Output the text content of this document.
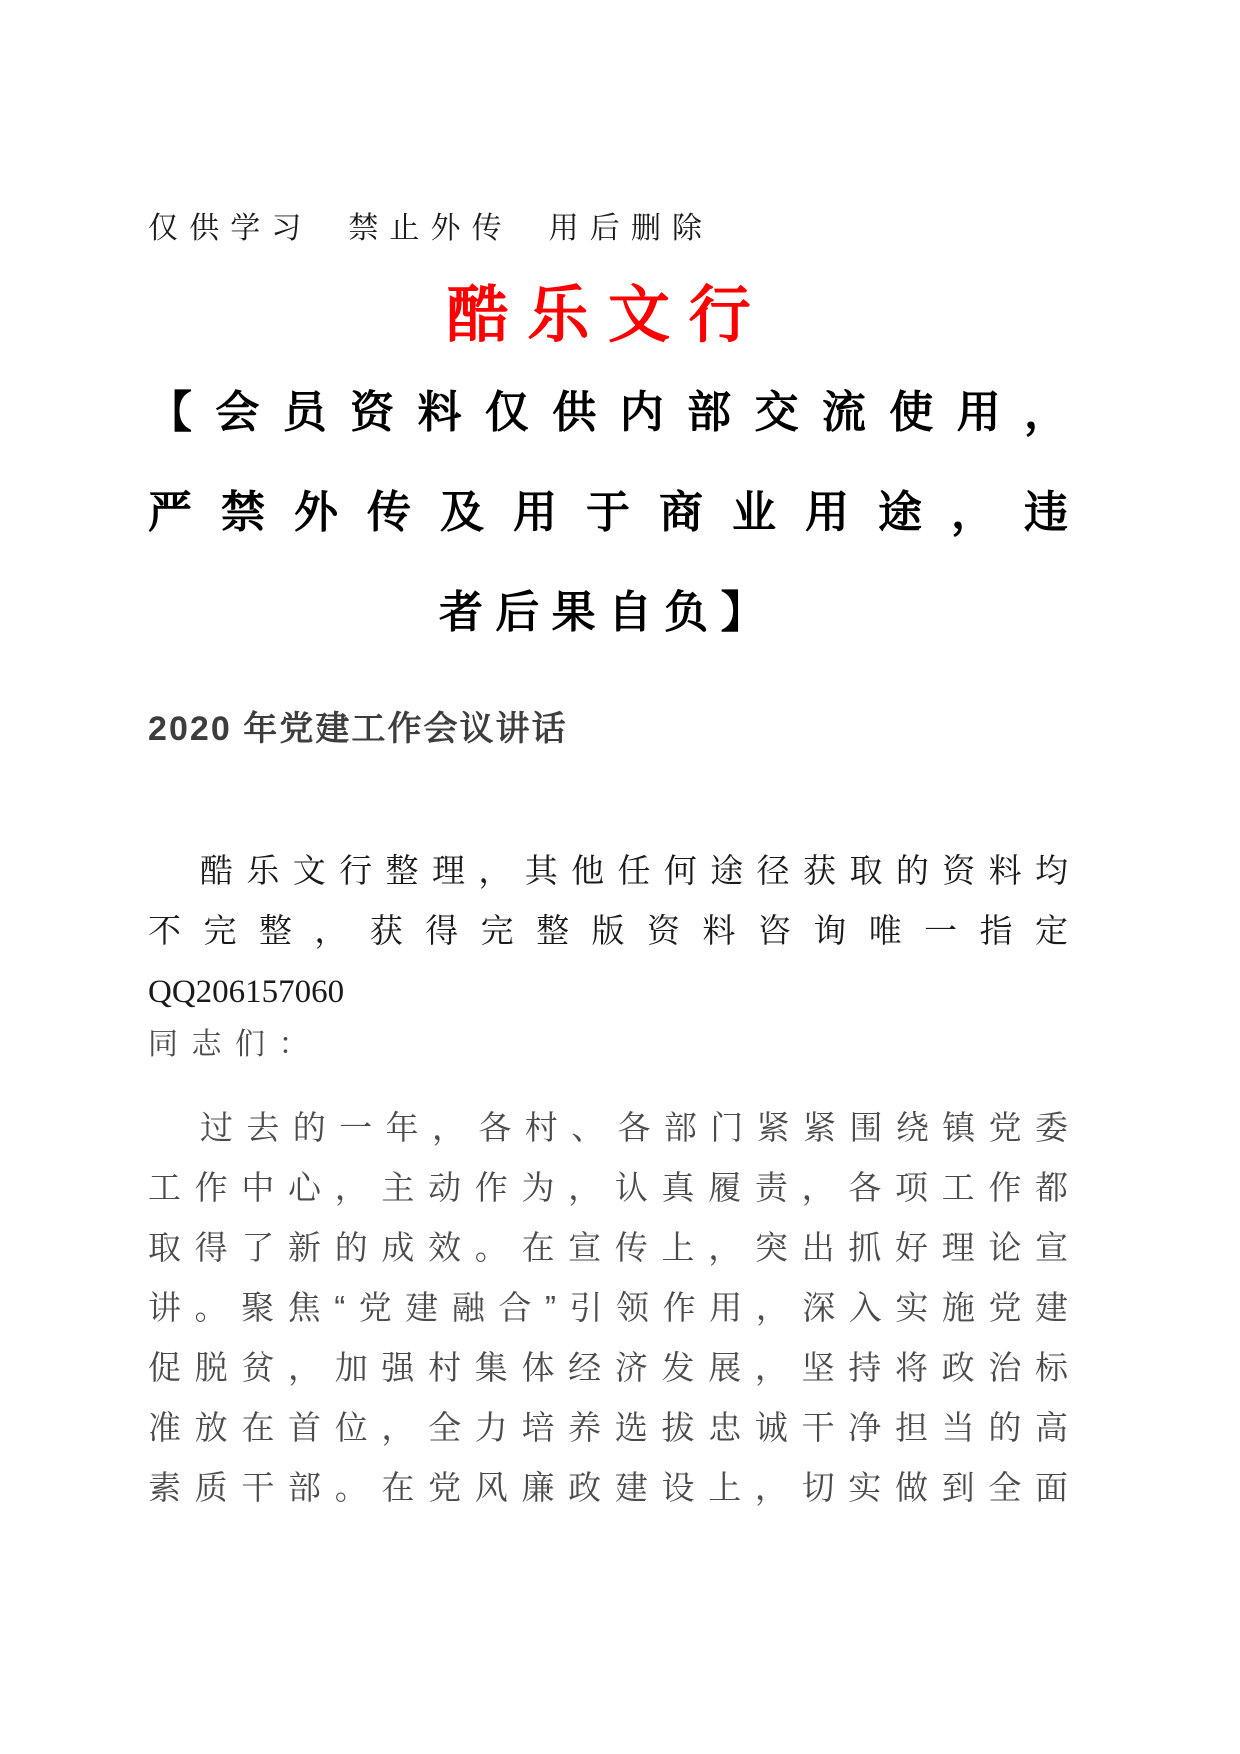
仅供学习 禁止外传 用后删除
酷乐文行
【会员资料仅供内部交流使用，
严禁外传及用于商业用途，违
者后果自负】
2020 年党建工作会议讲话
酷乐文行整理，其他任何途径获取的资料均
不完整，获得完整版资料咨询唯一指定
QQ206157060
同志们：
过去的一年，各村、各部门紧紧围绕镇党委
工作中心，主动作为，认真履责，各项工作都
取得了新的成效。在宣传上，突出抓好理论宣
讲。聚焦“党建融合”引领作用，深入实施党建
促脱贫，加强村集体经济发展，坚持将政治标
准放在首位，全力培养选拔忠诚干净担当的高
素质干部。在党风廉政建设上，切实做到全面
